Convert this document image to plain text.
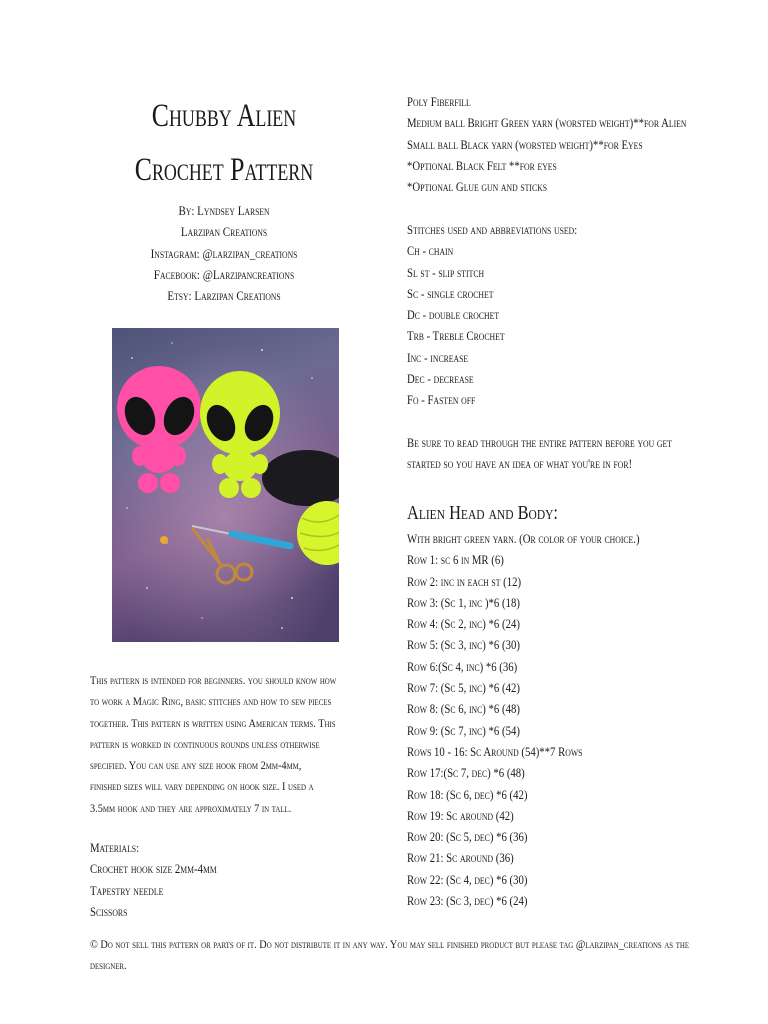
Chubby Alien
Crochet Pattern
By: Lyndsey Larsen
Larzipan Creations
Instagram: @larzipan_creations
Facebook: @Larzipancreations
Etsy: Larzipan Creations
This pattern is intended for beginners. you should know how
to work a Magic Ring, basic stitches and how to sew pieces
together. This pattern is written using American terms. This
pattern is worked in continuous rounds unless otherwise
specified. You can use any size hook from 2mm-4mm,
finished sizes will vary depending on hook size. I used a
3.5mm hook and they are approximately 7 in tall.
Materials:
Crochet hook size 2mm-4mm
Tapestry needle
Scissors
Poly Fiberfill
Medium ball Bright Green yarn (worsted weight)**for Alien
Small ball Black yarn (worsted weight)**for Eyes
*Optional Black Felt **for eyes
*Optional Glue gun and sticks
Stitches used and abbreviations used:
Ch - chain
Sl st - slip stitch
Sc - single crochet
Dc - double crochet
Trb - Treble Crochet
Inc - increase
Dec - decrease
Fo - Fasten off
Be sure to read through the entire pattern before you get
started so you have an idea of what you're in for!
Alien Head and Body:
With bright green yarn. (Or color of your choice.)
Row 1: sc 6 in MR (6)
Row 2: inc in each st (12)
Row 3: (Sc 1, inc )*6 (18)
Row 4: (Sc 2, inc) *6 (24)
Row 5: (Sc 3, inc) *6 (30)
Row 6:(Sc 4, inc) *6 (36)
Row 7: (Sc 5, inc) *6 (42)
Row 8: (Sc 6, inc) *6 (48)
Row 9: (Sc 7, inc) *6 (54)
Rows 10 - 16: Sc Around (54)**7 Rows
Row 17:(Sc 7, dec) *6 (48)
Row 18: (Sc 6, dec) *6 (42)
Row 19: Sc around (42)
Row 20: (Sc 5, dec) *6 (36)
Row 21: Sc around (36)
Row 22: (Sc 4, dec) *6 (30)
Row 23: (Sc 3, dec) *6 (24)
© Do not sell this pattern or parts of it. Do not distribute it in any way. You may sell finished product but please tag @larzipan_creations as the
designer.
